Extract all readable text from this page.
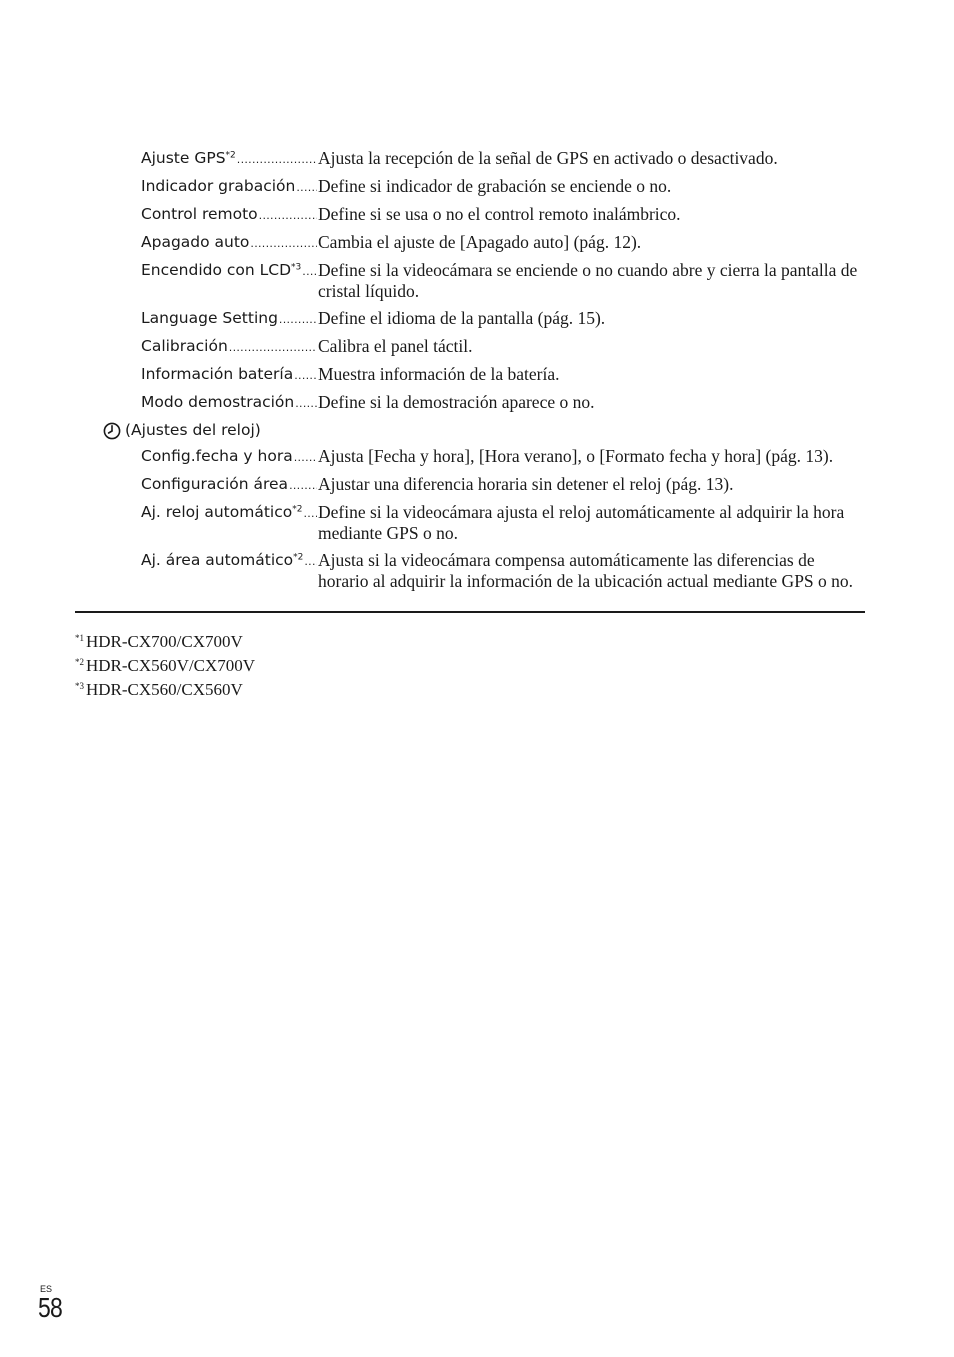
Ajuste GPS$^{*2}$ .....	Ajusta la recepción de la señal de GPS en activado o desactivado.
Indicador grabación ..... Define si indicador de grabación se enciende o no.
Control remoto .....	Define si se usa o no el control remoto inalámbrico.
Apagado auto .....	Cambia el ajuste de [Apagado auto] (pág. 12).
Encendido con LCD$^{*3}$ ..... Define si la videocámara se enciende o no cuando abre y cierra la pantalla de cristal líquido.
Language Setting ..... Define el idioma de la pantalla (pág. 15).
Calibración .....	Calibra el panel táctil.
Información batería ..... Muestra información de la batería.
Modo demostración ..... Define si la demostración aparece o no.
(Ajustes del reloj)
Config.fecha y hora ..... Ajusta [Fecha y hora], [Hora verano], o [Formato fecha y hora] (pág. 13).
Configuración área ..... Ajustar una diferencia horaria sin detener el reloj (pág. 13).
Aj. reloj automático$^{*2}$ ..... Define si la videocámara ajusta el reloj automáticamente al adquirir la hora mediante GPS o no.
Aj. área automático$^{*2}$ ..... Ajusta si la videocámara compensa automáticamente las diferencias de horario al adquirir la información de la ubicación actual mediante GPS o no.
$^{*1}$ HDR-CX700/CX700V
$^{*2}$ HDR-CX560V/CX700V
$^{*3}$ HDR-CX560/CX560V
ES
58
